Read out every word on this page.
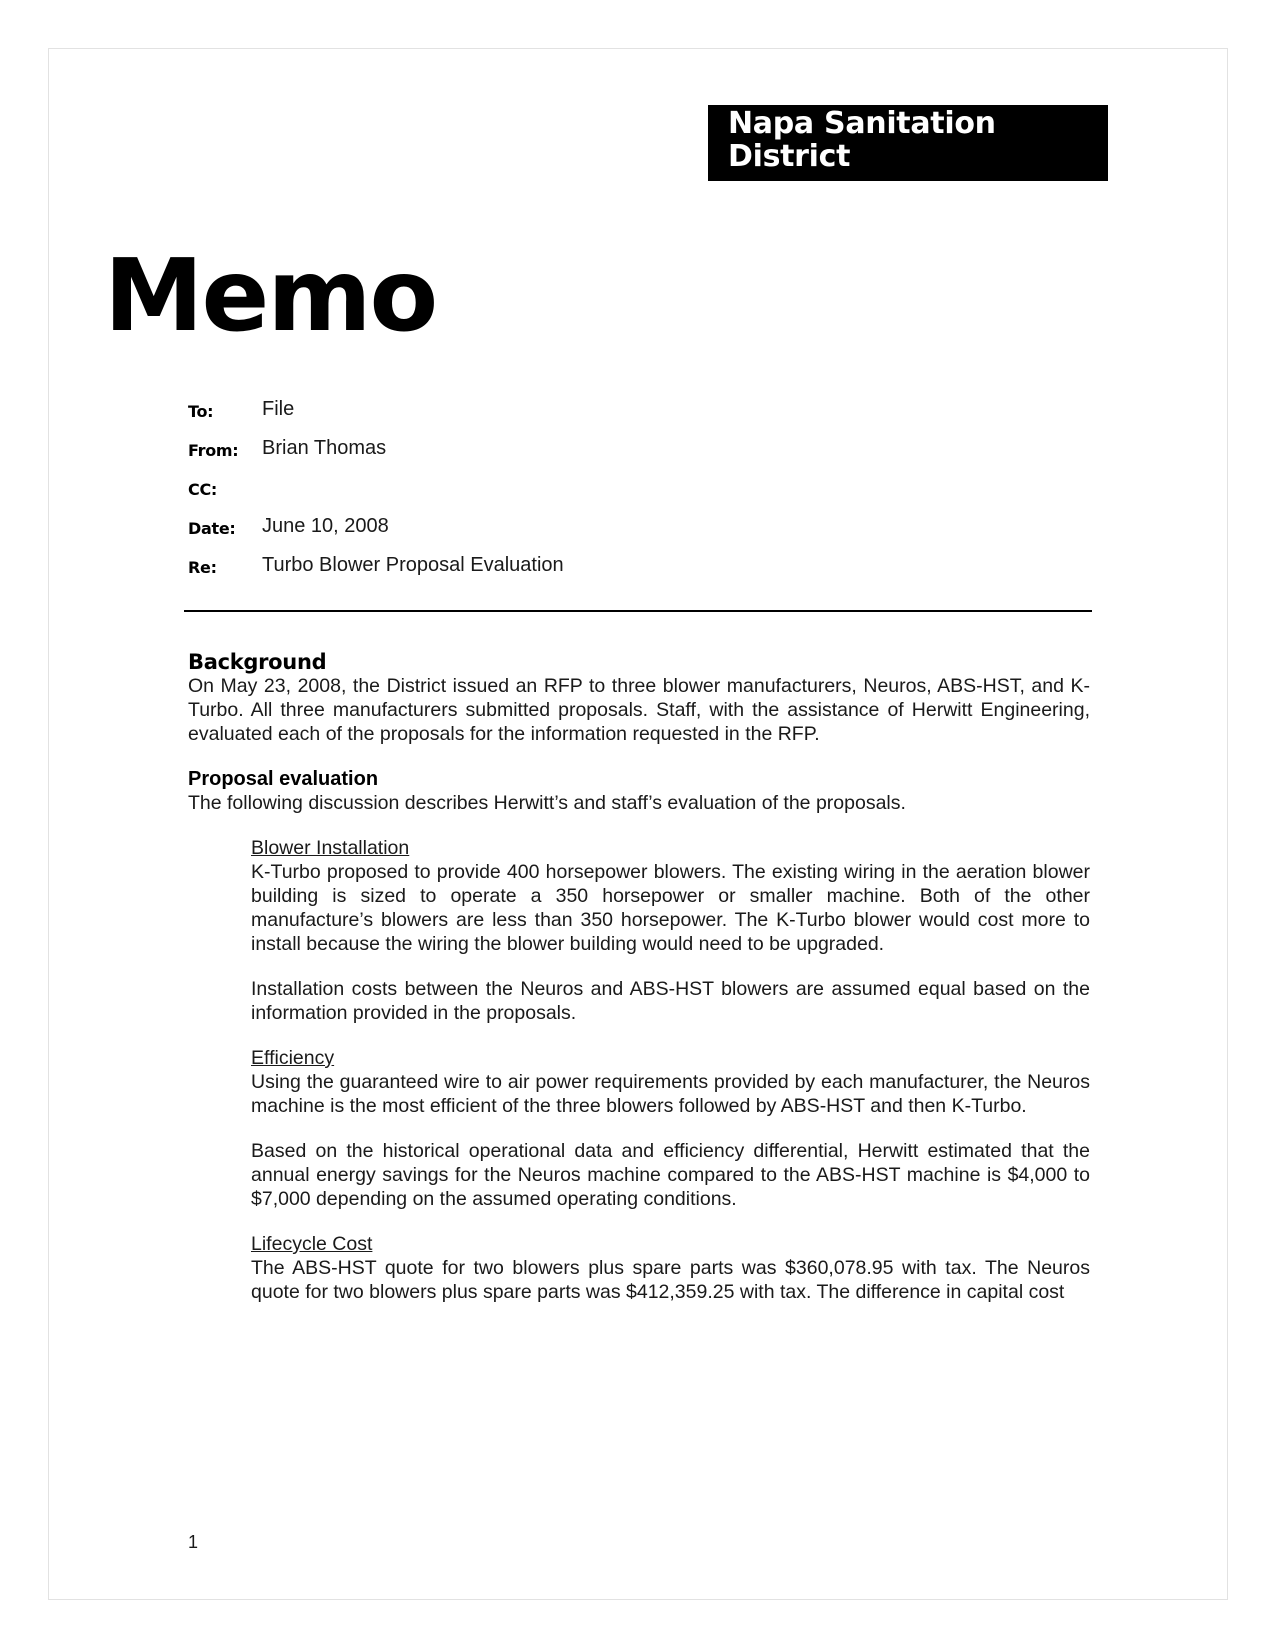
Napa Sanitation
District
Memo
To: File
From: Brian Thomas
CC:
Date: June 10, 2008
Re: Turbo Blower Proposal Evaluation

Background

On May 23, 2008, the District issued an RFP to three blower manufacturers, Neuros, ABS-HST, and K-Turbo. All three manufacturers submitted proposals. Staff, with the assistance of Herwitt Engineering, evaluated each of the proposals for the information requested in the RFP.

Proposal evaluation

The following discussion describes Herwitt’s and staff’s evaluation of the proposals.

Blower Installation

K-Turbo proposed to provide 400 horsepower blowers. The existing wiring in the aeration blower building is sized to operate a 350 horsepower or smaller machine. Both of the other manufacture’s blowers are less than 350 horsepower. The K-Turbo blower would cost more to install because the wiring the blower building would need to be upgraded.

Installation costs between the Neuros and ABS-HST blowers are assumed equal based on the information provided in the proposals.

Efficiency

Using the guaranteed wire to air power requirements provided by each manufacturer, the Neuros machine is the most efficient of the three blowers followed by ABS-HST and then K-Turbo.

Based on the historical operational data and efficiency differential, Herwitt estimated that the annual energy savings for the Neuros machine compared to the ABS-HST machine is $4,000 to $7,000 depending on the assumed operating conditions.

Lifecycle Cost

The ABS-HST quote for two blowers plus spare parts was $360,078.95 with tax. The Neuros quote for two blowers plus spare parts was $412,359.25 with tax. The difference in capital cost

1
